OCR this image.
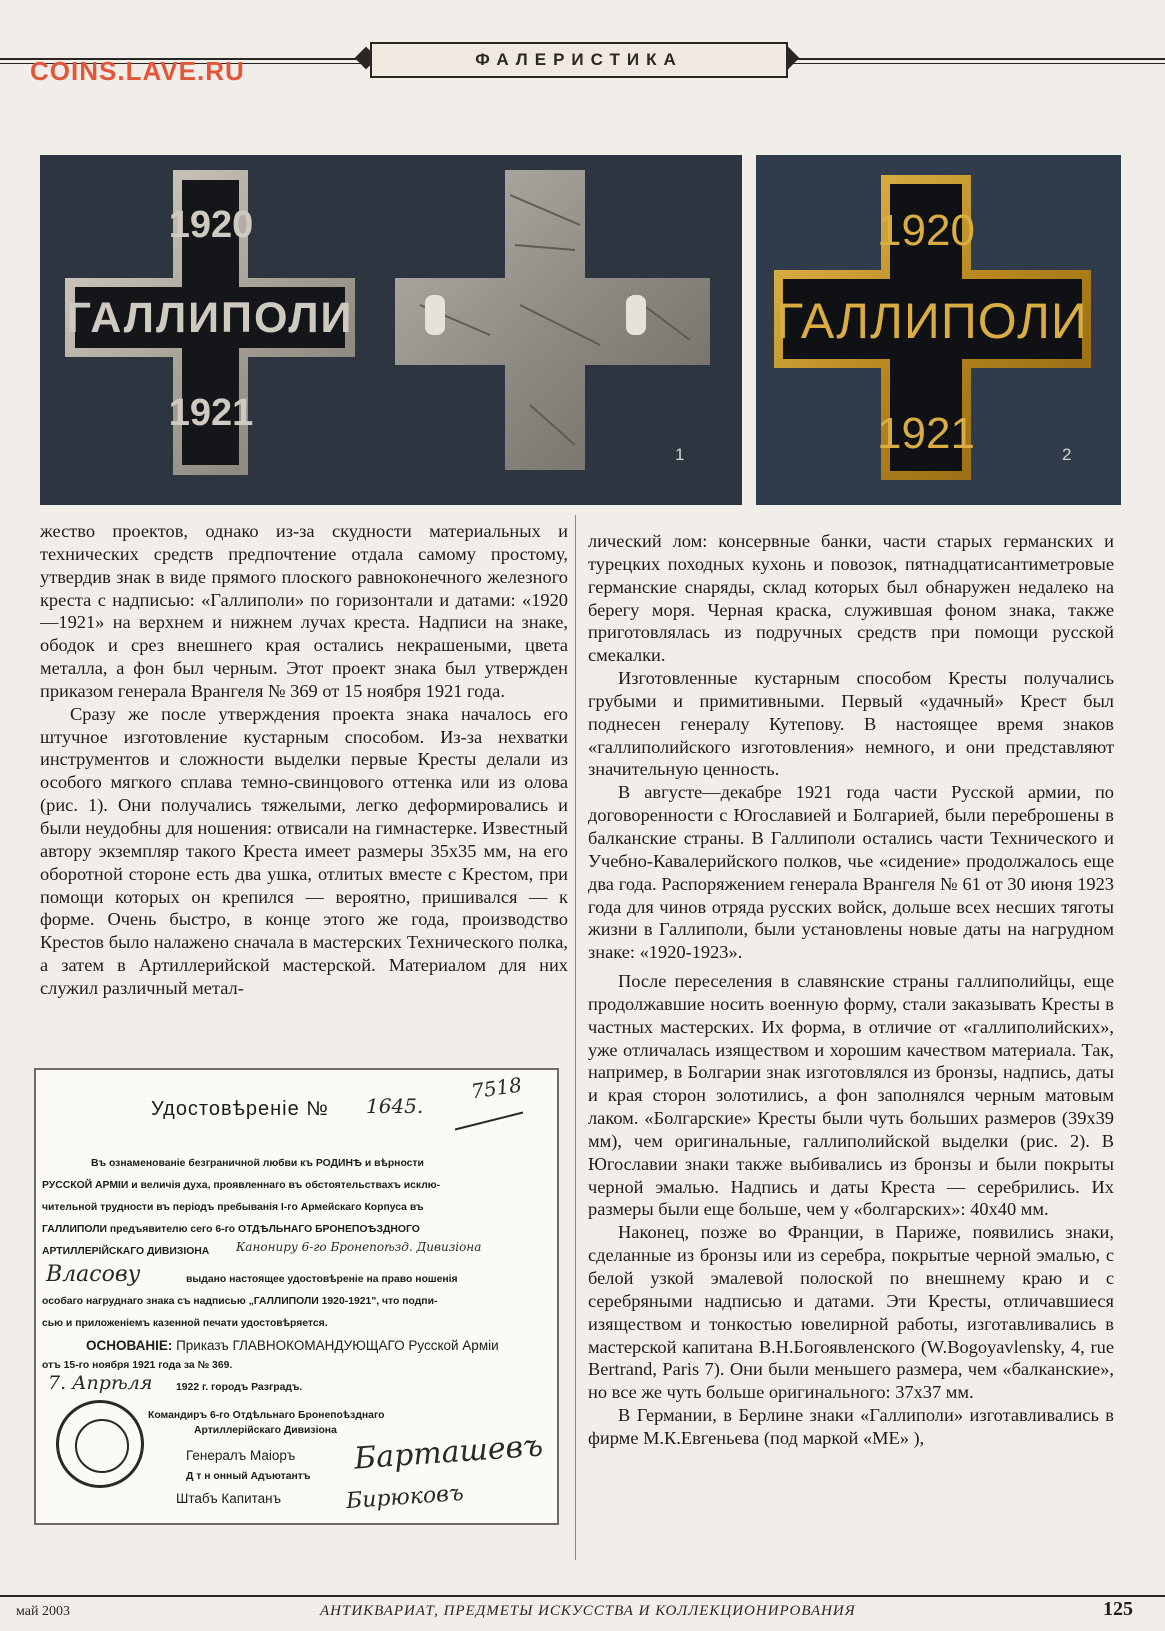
ФАЛЕРИСТИКА
COINS.LAVE.RU
1920
ГАЛЛИПОЛИ
1921
1
1920
ГАЛЛИПОЛИ
1921	2

жество проектов, однако из-за скудности материальных и технических средств предпочтение отдала самому простому, утвердив знак в виде прямого плоского равноконечного железного креста с надписью: «Галлиполи» по горизонтали и датами: «1920—1921» на верхнем и нижнем лучах креста. Надписи на знаке, ободок и срез внешнего края остались некрашеными, цвета металла, а фон был черным. Этот проект знака был утвержден приказом генерала Врангеля № 369 от 15 ноября 1921 года.

Сразу же после утверждения проекта знака началось его штучное изготовление кустарным способом. Из-за нехватки инструментов и сложности выделки первые Кресты делали из особого мягкого сплава темно-свинцового оттенка или из олова (рис. 1). Они получались тяжелыми, легко деформировались и были неудобны для ношения: отвисали на гимнастерке. Известный автору экземпляр такого Креста имеет размеры 35х35 мм, на его оборотной стороне есть два ушка, отлитых вместе с Крестом, при помощи которых он крепился — вероятно, пришивался — к форме. Очень быстро, в конце этого же года, производство Крестов было налажено сначала в мастерских Технического полка, а затем в Артиллерийской мастерской. Материалом для них служил различный метал-

лический лом: консервные банки, части старых германских и турецких походных кухонь и повозок, пятнадцатисантиметровые германские снаряды, склад которых был обнаружен недалеко на берегу моря. Черная краска, служившая фоном знака, также приготовлялась из подручных средств при помощи русской смекалки.

Изготовленные кустарным способом Кресты получались грубыми и примитивными. Первый «удачный» Крест был поднесен генералу Кутепову. В настоящее время знаков «галлиполийского изготовления» немного, и они представляют значительную ценность.

В августе—декабре 1921 года части Русской армии, по договоренности с Югославией и Болгарией, были переброшены в балканские страны. В Галлиполи остались части Технического и Учебно-Кавалерийского полков, чье «сидение» продолжалось еще два года. Распоряжением генерала Врангеля № 61 от 30 июня 1923 года для чинов отряда русских войск, дольше всех несших тяготы жизни в Галлиполи, были установлены новые даты на нагрудном знаке: «1920-1923».

После переселения в славянские страны галлиполийцы, еще продолжавшие носить военную форму, стали заказывать Кресты в частных мастерских. Их форма, в отличие от «галлиполийских», уже отличалась изяществом и хорошим качеством материала. Так, например, в Болгарии знак изготовлялся из бронзы, надпись, даты и края сторон золотились, а фон заполнялся черным матовым лаком. «Болгарские» Кресты были чуть больших размеров (39х39 мм), чем оригинальные, галлиполийской выделки (рис. 2). В Югославии знаки также выбивались из бронзы и были покрыты черной эмалью. Надпись и даты Креста — серебрились. Их размеры были еще больше, чем у «болгарских»: 40х40 мм.

Наконец, позже во Франции, в Париже, появились знаки, сделанные из бронзы или из серебра, покрытые черной эмалью, с белой узкой эмалевой полоской по внешнему краю и с серебряными надписью и датами. Эти Кресты, отличавшиеся изяществом и тонкостью ювелирной работы, изготавливались в мастерской капитана В.Н.Богоявленского (W.Bogoyavlensky, 4, rue Bertrand, Paris 7). Они были меньшего размера, чем «балканские», но все же чуть больше оригинального: 37х37 мм.

В Германии, в Берлине знаки «Галлиполи» изготавливались в фирме М.К.Евгеньева (под маркой «ME» ),

Удостовѣренiе № 1645.
7518
Въ ознаменованiе безграничной любви къ РОДИНѢ и вѣрности
РУССКОЙ АРМIИ и величiя духа, проявленнаго въ обстоятельствахъ исклю-
чительной трудности въ періодъ пребыванія І-го Армейскаго Корпуса въ
ГАЛЛИПОЛИ предъявителю сего 6-го ОТДѢЛЬНАГО БРОНЕПОѢЗДНОГО
АРТИЛЛЕРІЙСКАГО ДИВИЗІОНА Канониру 6-го Бронепоѣзд. Дивизiона
Власову	выдано настоящее удостовѣренiе на право ношенiя
особаго нагруднаго знака съ надписью „ГАЛЛИПОЛИ 1920-1921", что подпи-
сью и приложенiемъ казенной печати удостовѣряется.
ОСНОВАНIЕ: Приказъ ГЛАВНОКОМАНДУЮЩАГО Русской Армiи
отъ 15-го ноября 1921 года за № 369.
7. Апрѣля 1922 г. городъ Разградъ.
Командиръ 6-го Отдѣльнаго Бронепоѣзднаго
Артиллерiйскаго Дивизiона
Генералъ Маiоръ
Д т н онный Адъютантъ
Штабъ Капитанъ
Барташевъ
Бирюковъ
май 2003	АНТИКВАРИАТ, ПРЕДМЕТЫ ИСКУССТВА И КОЛЛЕКЦИОНИРОВАНИЯ	125
